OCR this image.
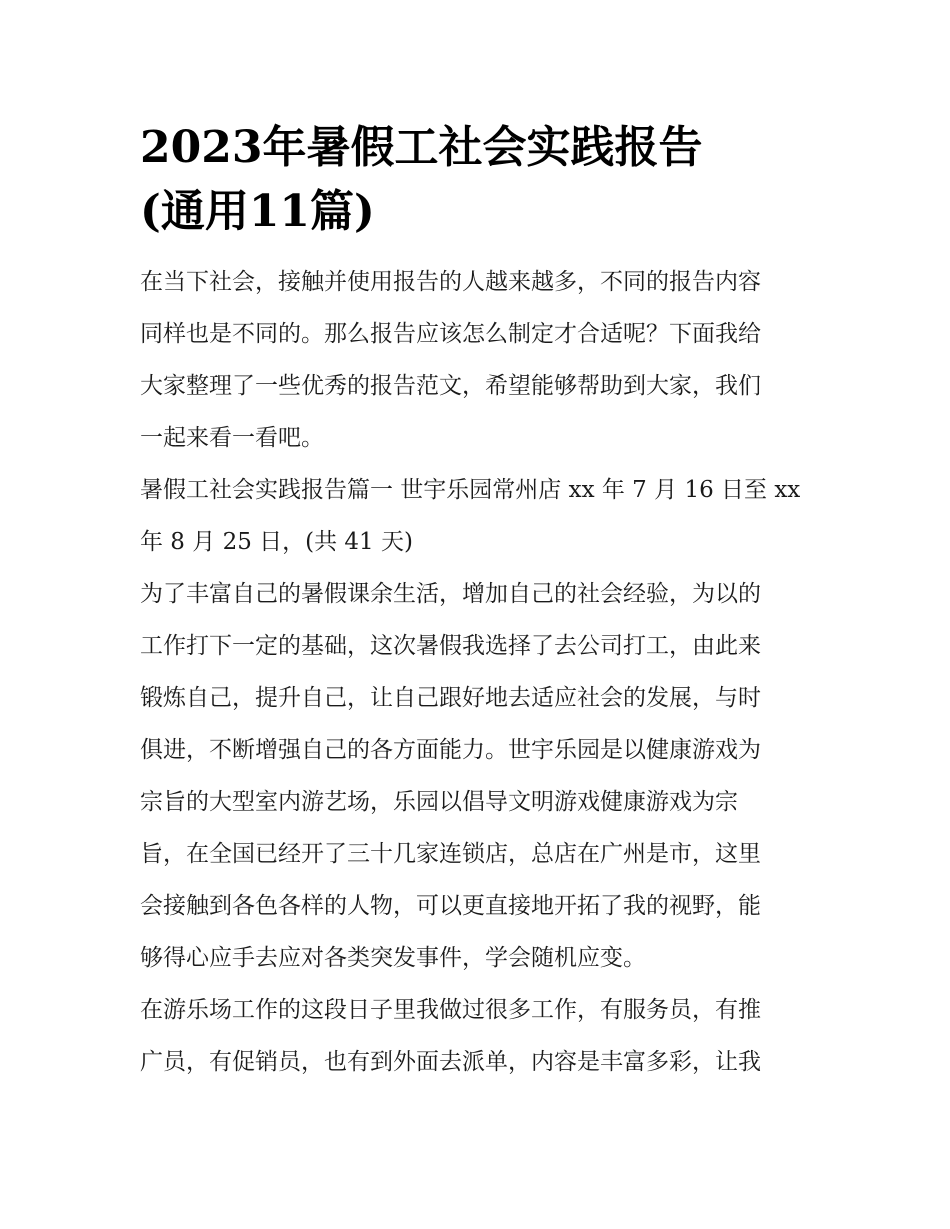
2023年暑假工社会实践报告
(通用11篇)

在当下社会，接触并使用报告的人越来越多，不同的报告内容
同样也是不同的。那么报告应该怎么制定才合适呢？下面我给
大家整理了一些优秀的报告范文，希望能够帮助到大家，我们
一起来看一看吧。

暑假工社会实践报告篇一 世宇乐园常州店 xx 年 7 月 16 日至 xx
年 8 月 25 日，(共 41 天)

为了丰富自己的暑假课余生活，增加自己的社会经验，为以的
工作打下一定的基础，这次暑假我选择了去公司打工，由此来
锻炼自己，提升自己，让自己跟好地去适应社会的发展，与时
俱进，不断增强自己的各方面能力。世宇乐园是以健康游戏为
宗旨的大型室内游艺场，乐园以倡导文明游戏健康游戏为宗
旨，在全国已经开了三十几家连锁店，总店在广州是市，这里
会接触到各色各样的人物，可以更直接地开拓了我的视野，能
够得心应手去应对各类突发事件，学会随机应变。

在游乐场工作的这段日子里我做过很多工作，有服务员，有推
广员，有促销员，也有到外面去派单，内容是丰富多彩，让我
